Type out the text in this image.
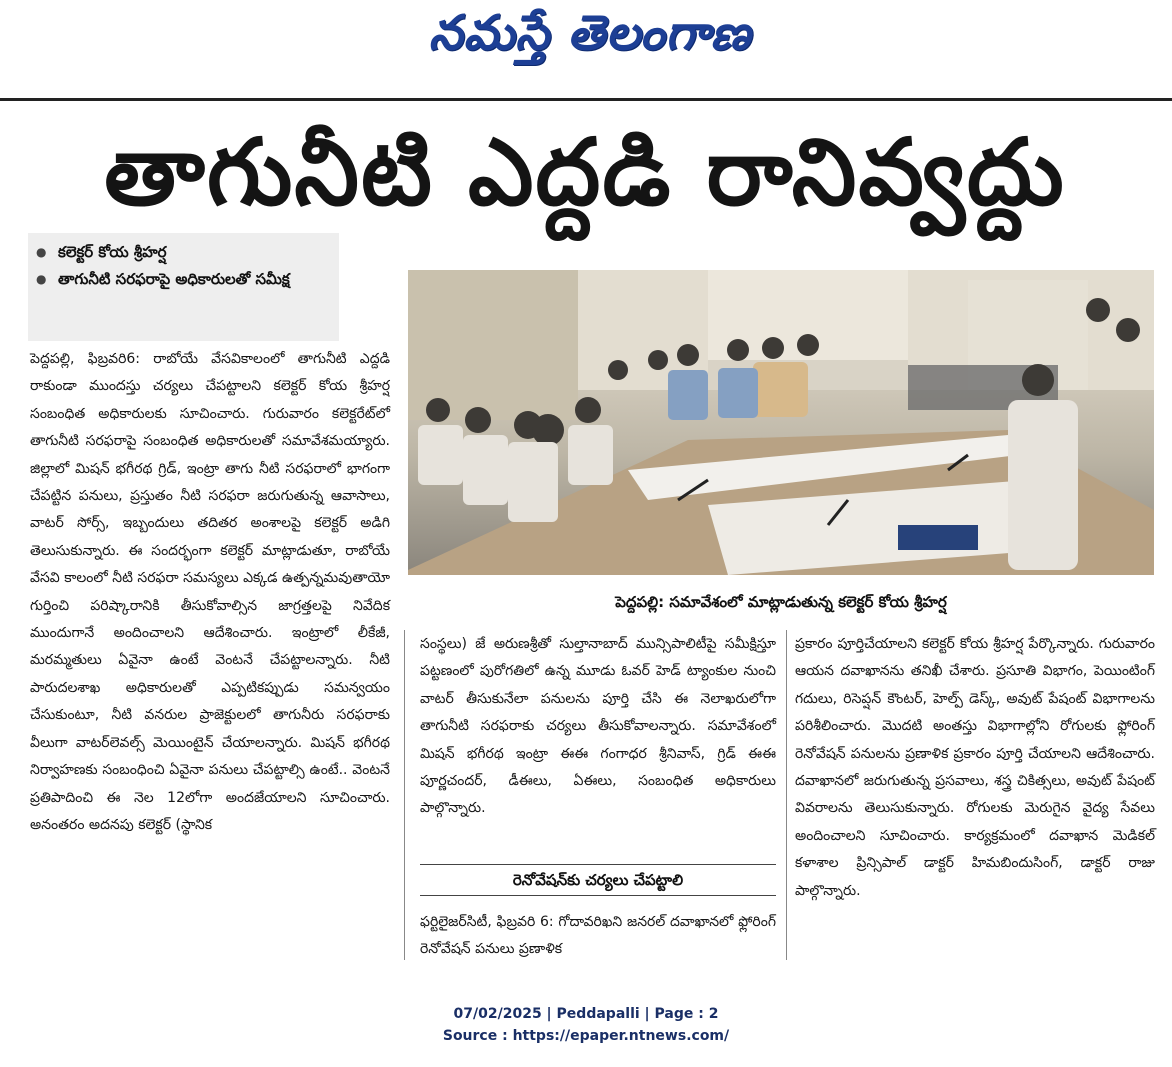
నమస్తే తెలంగాణ
తాగునీటి ఎద్దడి రానివ్వద్దు
● కలెక్టర్ కోయ శ్రీహర్ష
● తాగునీటి సరఫరాపై అధికారులతో సమీక్ష
పెద్దపల్లి: సమావేశంలో మాట్లాడుతున్న కలెక్టర్ కోయ శ్రీహర్ష

పెద్దపల్లి, ఫిబ్రవరి6: రాబోయే వేసవికాలంలో తాగునీటి ఎద్దడి రాకుండా ముందస్తు చర్యలు చేపట్టాలని కలెక్టర్ కోయ శ్రీహర్ష సంబంధిత అధికారులకు సూచించారు. గురువారం కలెక్టరేట్‌లో తాగునీటి సరఫరాపై సంబంధిత అధికారులతో సమావేశమయ్యారు. జిల్లాలో మిషన్ భగీరథ గ్రిడ్, ఇంట్రా తాగు నీటి సరఫరాలో భాగంగా చేపట్టిన పనులు, ప్రస్తుతం నీటి సరఫరా జరుగుతున్న ఆవాసాలు, వాటర్ సోర్స్, ఇబ్బందులు తదితర అంశాలపై కలెక్టర్ అడిగి తెలుసుకున్నారు. ఈ సందర్భంగా కలెక్టర్ మాట్లాడుతూ, రాబోయే వేసవి కాలంలో నీటి సరఫరా సమస్యలు ఎక్కడ ఉత్పన్నమవుతాయో గుర్తించి పరిష్కారానికి తీసుకోవాల్సిన జాగ్రత్తలపై నివేదిక ముందుగానే అందించాలని ఆదేశించారు. ఇంట్రాలో లీకేజీ, మరమ్మతులు ఏవైనా ఉంటే వెంటనే చేపట్టాలన్నారు. నీటి పారుదలశాఖ అధికారులతో ఎప్పటికప్పుడు సమన్వయం చేసుకుంటూ, నీటి వనరుల ప్రాజెక్టులలో తాగునీరు సరఫరాకు వీలుగా వాటర్‌లెవల్స్ మెయింటైన్ చేయాలన్నారు. మిషన్ భగీరథ నిర్వాహణకు సంబంధించి ఏవైనా పనులు చేపట్టాల్సి ఉంటే.. వెంటనే ప్రతిపాదించి ఈ నెల 12లోగా అందజేయాలని సూచించారు. అనంతరం అదనపు కలెక్టర్ (స్థానిక

సంస్థలు) జే అరుణశ్రీతో సుల్తానాబాద్ మున్సిపాలిటీపై సమీక్షిస్తూ పట్టణంలో పురోగతిలో ఉన్న మూడు ఓవర్ హెడ్ ట్యాంకుల నుంచి వాటర్ తీసుకునేలా పనులను పూర్తి చేసి ఈ నెలాఖరులోగా తాగునీటి సరఫరాకు చర్యలు తీసుకోవాలన్నారు. సమావేశంలో మిషన్ భగీరథ ఇంట్రా ఈఈ గంగాధర శ్రీనివాస్, గ్రిడ్ ఈఈ పూర్ణచందర్, డీఈలు, ఏఈలు, సంబంధిత అధికారులు పాల్గొన్నారు.

రెనోవేషన్‌కు చర్యలు చేపట్టాలి

ఫర్టిలైజర్‌సిటీ, ఫిబ్రవరి 6: గోదావరిఖని జనరల్ దవాఖానలో ఫ్లోరింగ్ రెనోవేషన్ పనులు ప్రణాళిక

ప్రకారం పూర్తిచేయాలని కలెక్టర్ కోయ శ్రీహర్ష పేర్కొన్నారు. గురువారం ఆయన దవాఖానను తనిఖీ చేశారు. ప్రసూతి విభాగం, పెయింటింగ్ గదులు, రిసెప్షన్ కౌంటర్, హెల్ప్ డెస్క్, అవుట్ పేషంట్ విభాగాలను పరిశీలించారు. మొదటి అంతస్తు విభాగాల్లోని రోగులకు ఫ్లోరింగ్ రెనోవేషన్ పనులను ప్రణాళిక ప్రకారం పూర్తి చేయాలని ఆదేశించారు. దవాఖానలో జరుగుతున్న ప్రసవాలు, శస్త్ర చికిత్సలు, అవుట్ పేషంట్ వివరాలను తెలుసుకున్నారు. రోగులకు మెరుగైన వైద్య సేవలు అందించాలని సూచించారు. కార్యక్రమంలో దవాఖాన మెడికల్ కళాశాల ప్రిన్సిపాల్ డాక్టర్ హిమబిందుసింగ్, డాక్టర్ రాజు పాల్గొన్నారు.

07/02/2025 | Peddapalli | Page : 2
Source : https://epaper.ntnews.com/
